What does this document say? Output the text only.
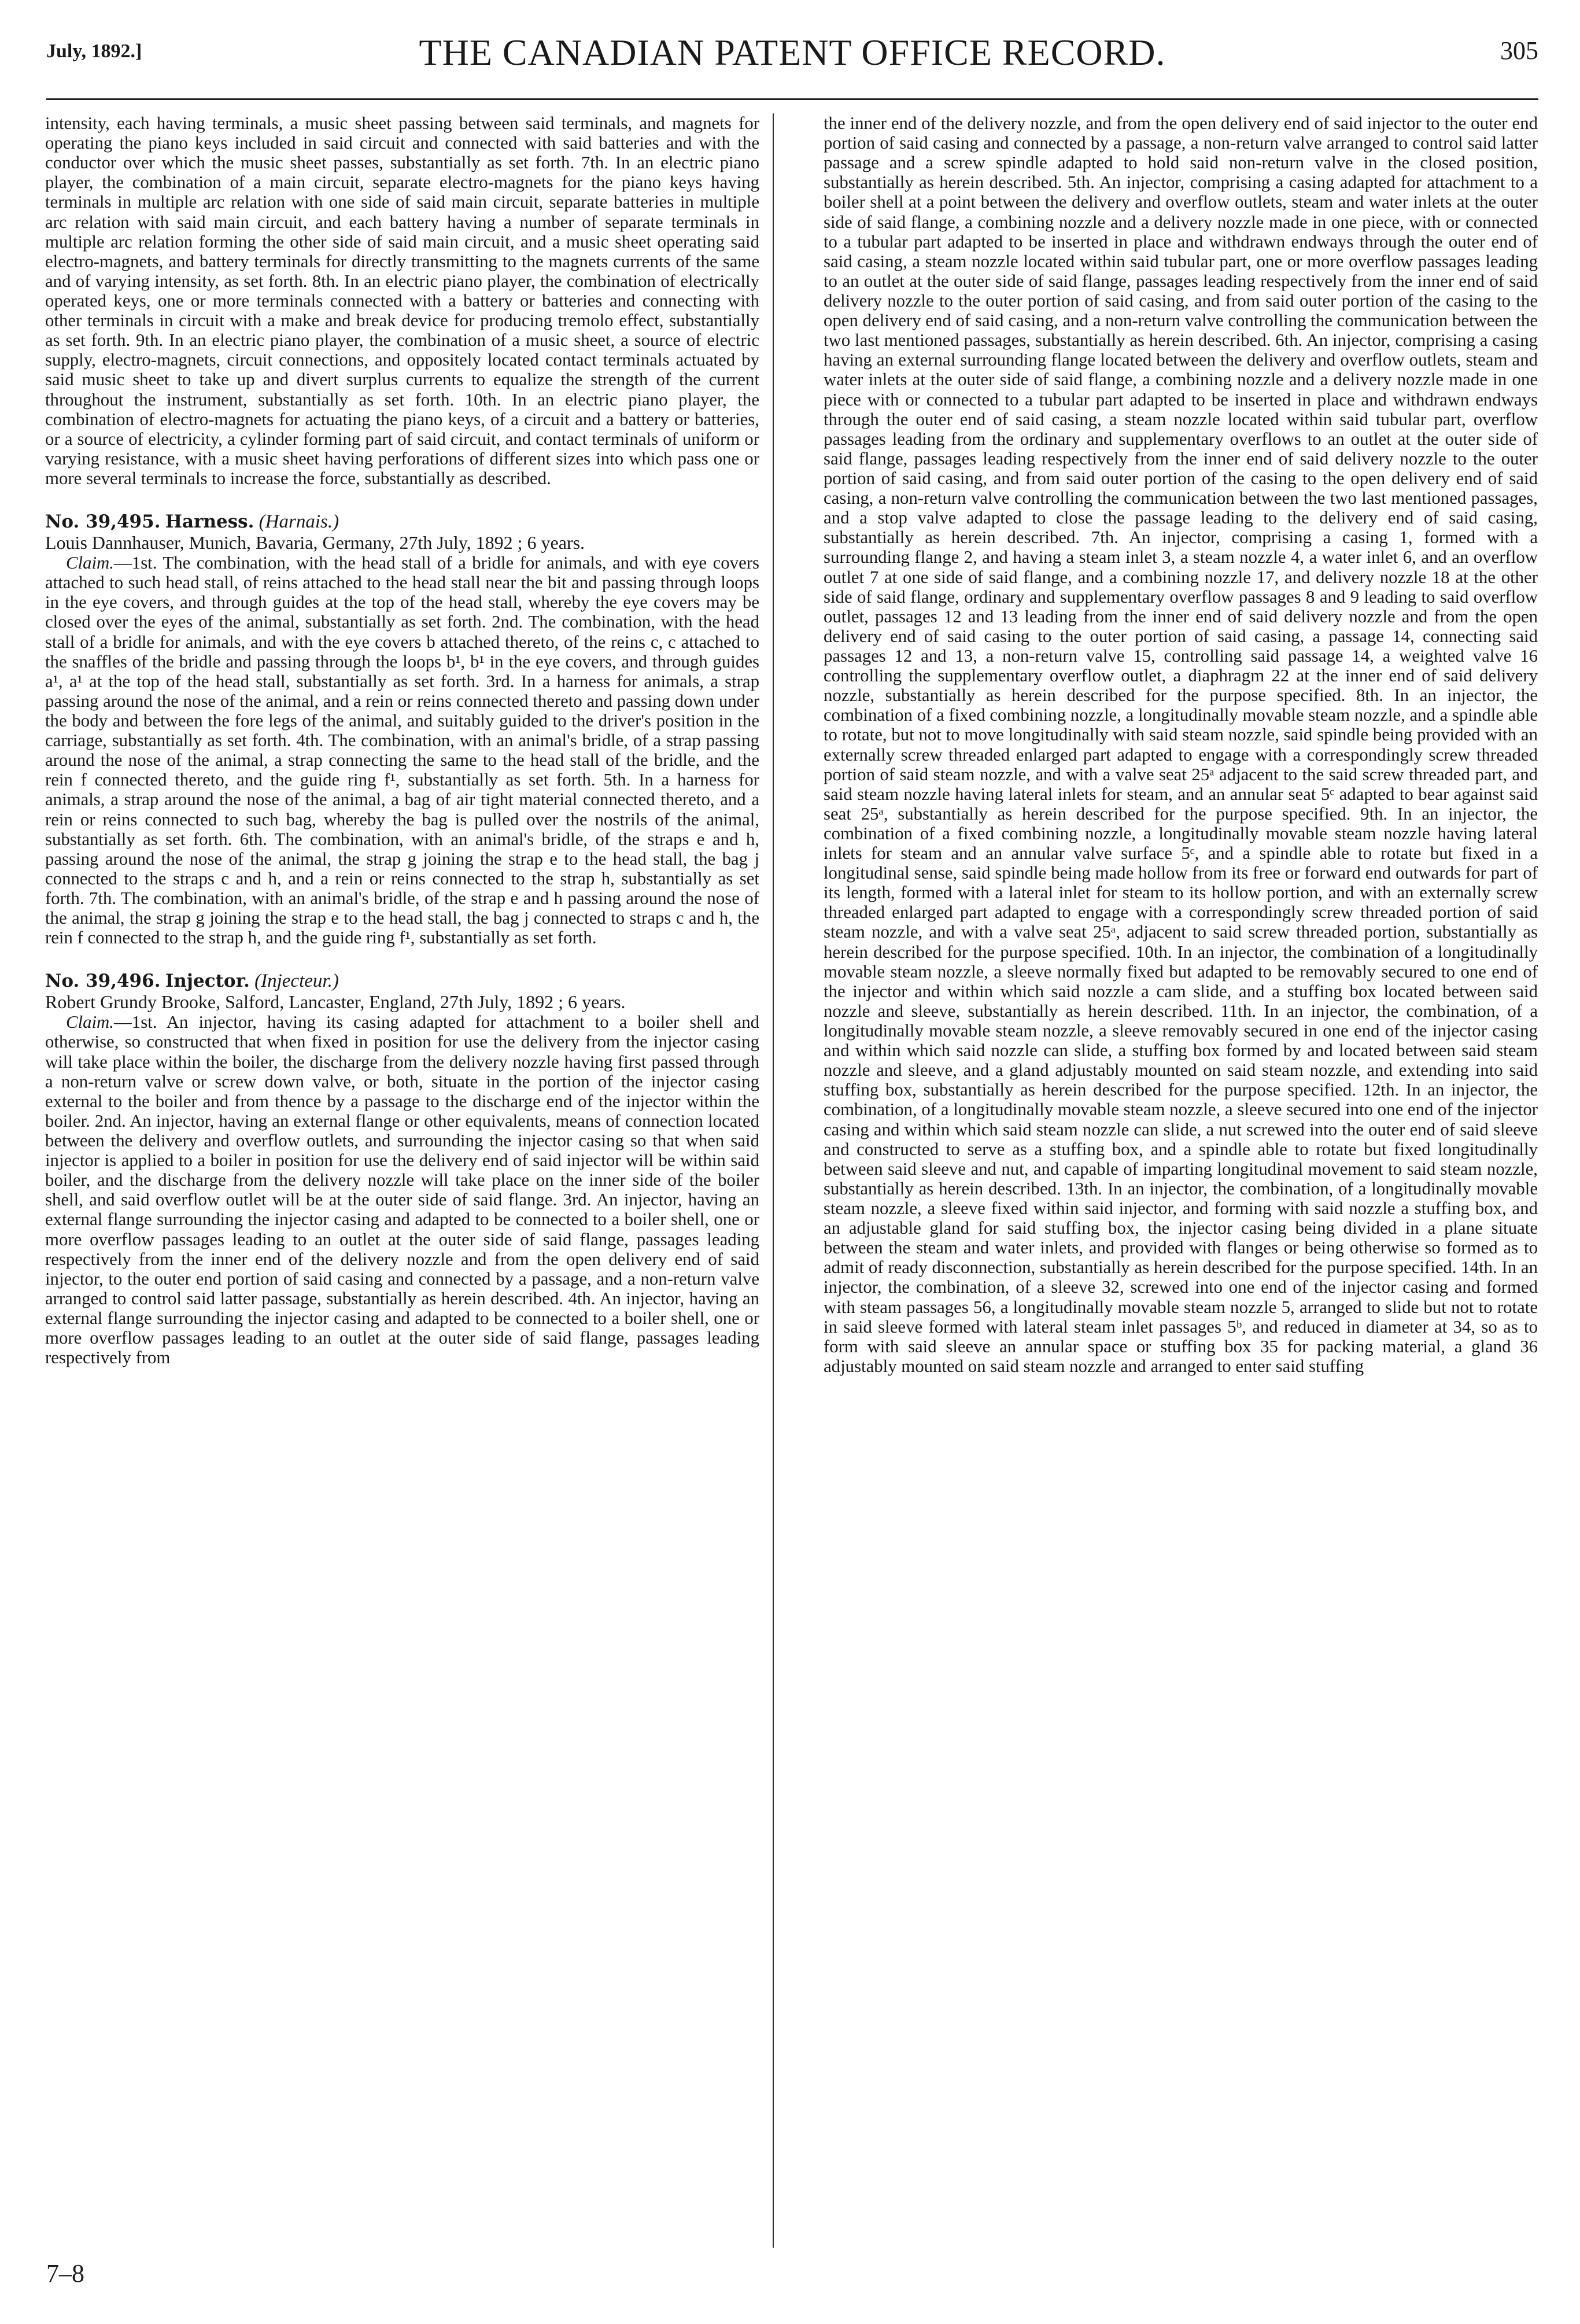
July, 1892.]	THE CANADIAN PATENT OFFICE RECORD.	305

intensity, each having terminals, a music sheet passing between said terminals, and magnets for operating the piano keys included in said circuit and connected with said batteries and with the conductor over which the music sheet passes, substantially as set forth. 7th. In an electric piano player, the combination of a main circuit, separate electro-magnets for the piano keys having terminals in multiple arc relation with one side of said main circuit, separate batteries in multiple arc relation with said main circuit, and each battery having a number of separate terminals in multiple arc relation forming the other side of said main circuit, and a music sheet operating said electro-magnets, and battery terminals for directly transmitting to the magnets currents of the same and of varying intensity, as set forth. 8th. In an electric piano player, the combination of electrically operated keys, one or more terminals connected with a battery or batteries and connecting with other terminals in circuit with a make and break device for producing tremolo effect, substantially as set forth. 9th. In an electric piano player, the combination of a music sheet, a source of electric supply, electro-magnets, circuit connections, and oppositely located contact terminals actuated by said music sheet to take up and divert surplus currents to equalize the strength of the current throughout the instrument, substantially as set forth. 10th. In an electric piano player, the combination of electro-magnets for actuating the piano keys, of a circuit and a battery or batteries, or a source of electricity, a cylinder forming part of said circuit, and contact terminals of uniform or varying resistance, with a music sheet having perforations of different sizes into which pass one or more several terminals to increase the force, substantially as described.

No. 39,495. Harness. (Harnais.)

Louis Dannhauser, Munich, Bavaria, Germany, 27th July, 1892 ; 6 years.

Claim.—1st. The combination, with the head stall of a bridle for animals, and with eye covers attached to such head stall, of reins attached to the head stall near the bit and passing through loops in the eye covers, and through guides at the top of the head stall, whereby the eye covers may be closed over the eyes of the animal, substantially as set forth. 2nd. The combination, with the head stall of a bridle for animals, and with the eye covers b attached thereto, of the reins c, c attached to the snaffles of the bridle and passing through the loops b¹, b¹ in the eye covers, and through guides a¹, a¹ at the top of the head stall, substantially as set forth. 3rd. In a harness for animals, a strap passing around the nose of the animal, and a rein or reins connected thereto and passing down under the body and between the fore legs of the animal, and suitably guided to the driver's position in the carriage, substantially as set forth. 4th. The combination, with an animal's bridle, of a strap passing around the nose of the animal, a strap connecting the same to the head stall of the bridle, and the rein f connected thereto, and the guide ring f¹, substantially as set forth. 5th. In a harness for animals, a strap around the nose of the animal, a bag of air tight material connected thereto, and a rein or reins connected to such bag, whereby the bag is pulled over the nostrils of the animal, substantially as set forth. 6th. The combination, with an animal's bridle, of the straps e and h, passing around the nose of the animal, the strap g joining the strap e to the head stall, the bag j connected to the straps c and h, and a rein or reins connected to the strap h, substantially as set forth. 7th. The combination, with an animal's bridle, of the strap e and h passing around the nose of the animal, the strap g joining the strap e to the head stall, the bag j connected to straps c and h, the rein f connected to the strap h, and the guide ring f¹, substantially as set forth.

No. 39,496. Injector. (Injecteur.)

Robert Grundy Brooke, Salford, Lancaster, England, 27th July, 1892 ; 6 years.

Claim.—1st. An injector, having its casing adapted for attachment to a boiler shell and otherwise, so constructed that when fixed in position for use the delivery from the injector casing will take place within the boiler, the discharge from the delivery nozzle having first passed through a non-return valve or screw down valve, or both, situate in the portion of the injector casing external to the boiler and from thence by a passage to the discharge end of the injector within the boiler. 2nd. An injector, having an external flange or other equivalents, means of connection located between the delivery and overflow outlets, and surrounding the injector casing so that when said injector is applied to a boiler in position for use the delivery end of said injector will be within said boiler, and the discharge from the delivery nozzle will take place on the inner side of the boiler shell, and said overflow outlet will be at the outer side of said flange. 3rd. An injector, having an external flange surrounding the injector casing and adapted to be connected to a boiler shell, one or more overflow passages leading to an outlet at the outer side of said flange, passages leading respectively from the inner end of the delivery nozzle and from the open delivery end of said injector, to the outer end portion of said casing and connected by a passage, and a non-return valve arranged to control said latter passage, substantially as herein described. 4th. An injector, having an external flange surrounding the injector casing and adapted to be connected to a boiler shell, one or more overflow passages leading to an outlet at the outer side of said flange, passages leading respectively from

the inner end of the delivery nozzle, and from the open delivery end of said injector to the outer end portion of said casing and connected by a passage, a non-return valve arranged to control said latter passage and a screw spindle adapted to hold said non-return valve in the closed position, substantially as herein described. 5th. An injector, comprising a casing adapted for attachment to a boiler shell at a point between the delivery and overflow outlets, steam and water inlets at the outer side of said flange, a combining nozzle and a delivery nozzle made in one piece, with or connected to a tubular part adapted to be inserted in place and withdrawn endways through the outer end of said casing, a steam nozzle located within said tubular part, one or more overflow passages leading to an outlet at the outer side of said flange, passages leading respectively from the inner end of said delivery nozzle to the outer portion of said casing, and from said outer portion of the casing to the open delivery end of said casing, and a non-return valve controlling the communication between the two last mentioned passages, substantially as herein described. 6th. An injector, comprising a casing having an external surrounding flange located between the delivery and overflow outlets, steam and water inlets at the outer side of said flange, a combining nozzle and a delivery nozzle made in one piece with or connected to a tubular part adapted to be inserted in place and withdrawn endways through the outer end of said casing, a steam nozzle located within said tubular part, overflow passages leading from the ordinary and supplementary overflows to an outlet at the outer side of said flange, passages leading respectively from the inner end of said delivery nozzle to the outer portion of said casing, and from said outer portion of the casing to the open delivery end of said casing, a non-return valve controlling the communication between the two last mentioned passages, and a stop valve adapted to close the passage leading to the delivery end of said casing, substantially as herein described. 7th. An injector, comprising a casing 1, formed with a surrounding flange 2, and having a steam inlet 3, a steam nozzle 4, a water inlet 6, and an overflow outlet 7 at one side of said flange, and a combining nozzle 17, and delivery nozzle 18 at the other side of said flange, ordinary and supplementary overflow passages 8 and 9 leading to said overflow outlet, passages 12 and 13 leading from the inner end of said delivery nozzle and from the open delivery end of said casing to the outer portion of said casing, a passage 14, connecting said passages 12 and 13, a non-return valve 15, controlling said passage 14, a weighted valve 16 controlling the supplementary overflow outlet, a diaphragm 22 at the inner end of said delivery nozzle, substantially as herein described for the purpose specified. 8th. In an injector, the combination of a fixed combining nozzle, a longitudinally movable steam nozzle, and a spindle able to rotate, but not to move longitudinally with said steam nozzle, said spindle being provided with an externally screw threaded enlarged part adapted to engage with a correspondingly screw threaded portion of said steam nozzle, and with a valve seat 25ᵃ adjacent to the said screw threaded part, and said steam nozzle having lateral inlets for steam, and an annular seat 5ᶜ adapted to bear against said seat 25ᵃ, substantially as herein described for the purpose specified. 9th. In an injector, the combination of a fixed combining nozzle, a longitudinally movable steam nozzle having lateral inlets for steam and an annular valve surface 5ᶜ, and a spindle able to rotate but fixed in a longitudinal sense, said spindle being made hollow from its free or forward end outwards for part of its length, formed with a lateral inlet for steam to its hollow portion, and with an externally screw threaded enlarged part adapted to engage with a correspondingly screw threaded portion of said steam nozzle, and with a valve seat 25ᵃ, adjacent to said screw threaded portion, substantially as herein described for the purpose specified. 10th. In an injector, the combination of a longitudinally movable steam nozzle, a sleeve normally fixed but adapted to be removably secured to one end of the injector and within which said nozzle a cam slide, and a stuffing box located between said nozzle and sleeve, substantially as herein described. 11th. In an injector, the combination, of a longitudinally movable steam nozzle, a sleeve removably secured in one end of the injector casing and within which said nozzle can slide, a stuffing box formed by and located between said steam nozzle and sleeve, and a gland adjustably mounted on said steam nozzle, and extending into said stuffing box, substantially as herein described for the purpose specified. 12th. In an injector, the combination, of a longitudinally movable steam nozzle, a sleeve secured into one end of the injector casing and within which said steam nozzle can slide, a nut screwed into the outer end of said sleeve and constructed to serve as a stuffing box, and a spindle able to rotate but fixed longitudinally between said sleeve and nut, and capable of imparting longitudinal movement to said steam nozzle, substantially as herein described. 13th. In an injector, the combination, of a longitudinally movable steam nozzle, a sleeve fixed within said injector, and forming with said nozzle a stuffing box, and an adjustable gland for said stuffing box, the injector casing being divided in a plane situate between the steam and water inlets, and provided with flanges or being otherwise so formed as to admit of ready disconnection, substantially as herein described for the purpose specified. 14th. In an injector, the combination, of a sleeve 32, screwed into one end of the injector casing and formed with steam passages 56, a longitudinally movable steam nozzle 5, arranged to slide but not to rotate in said sleeve formed with lateral steam inlet passages 5ᵇ, and reduced in diameter at 34, so as to form with said sleeve an annular space or stuffing box 35 for packing material, a gland 36 adjustably mounted on said steam nozzle and arranged to enter said stuffing

7–8
